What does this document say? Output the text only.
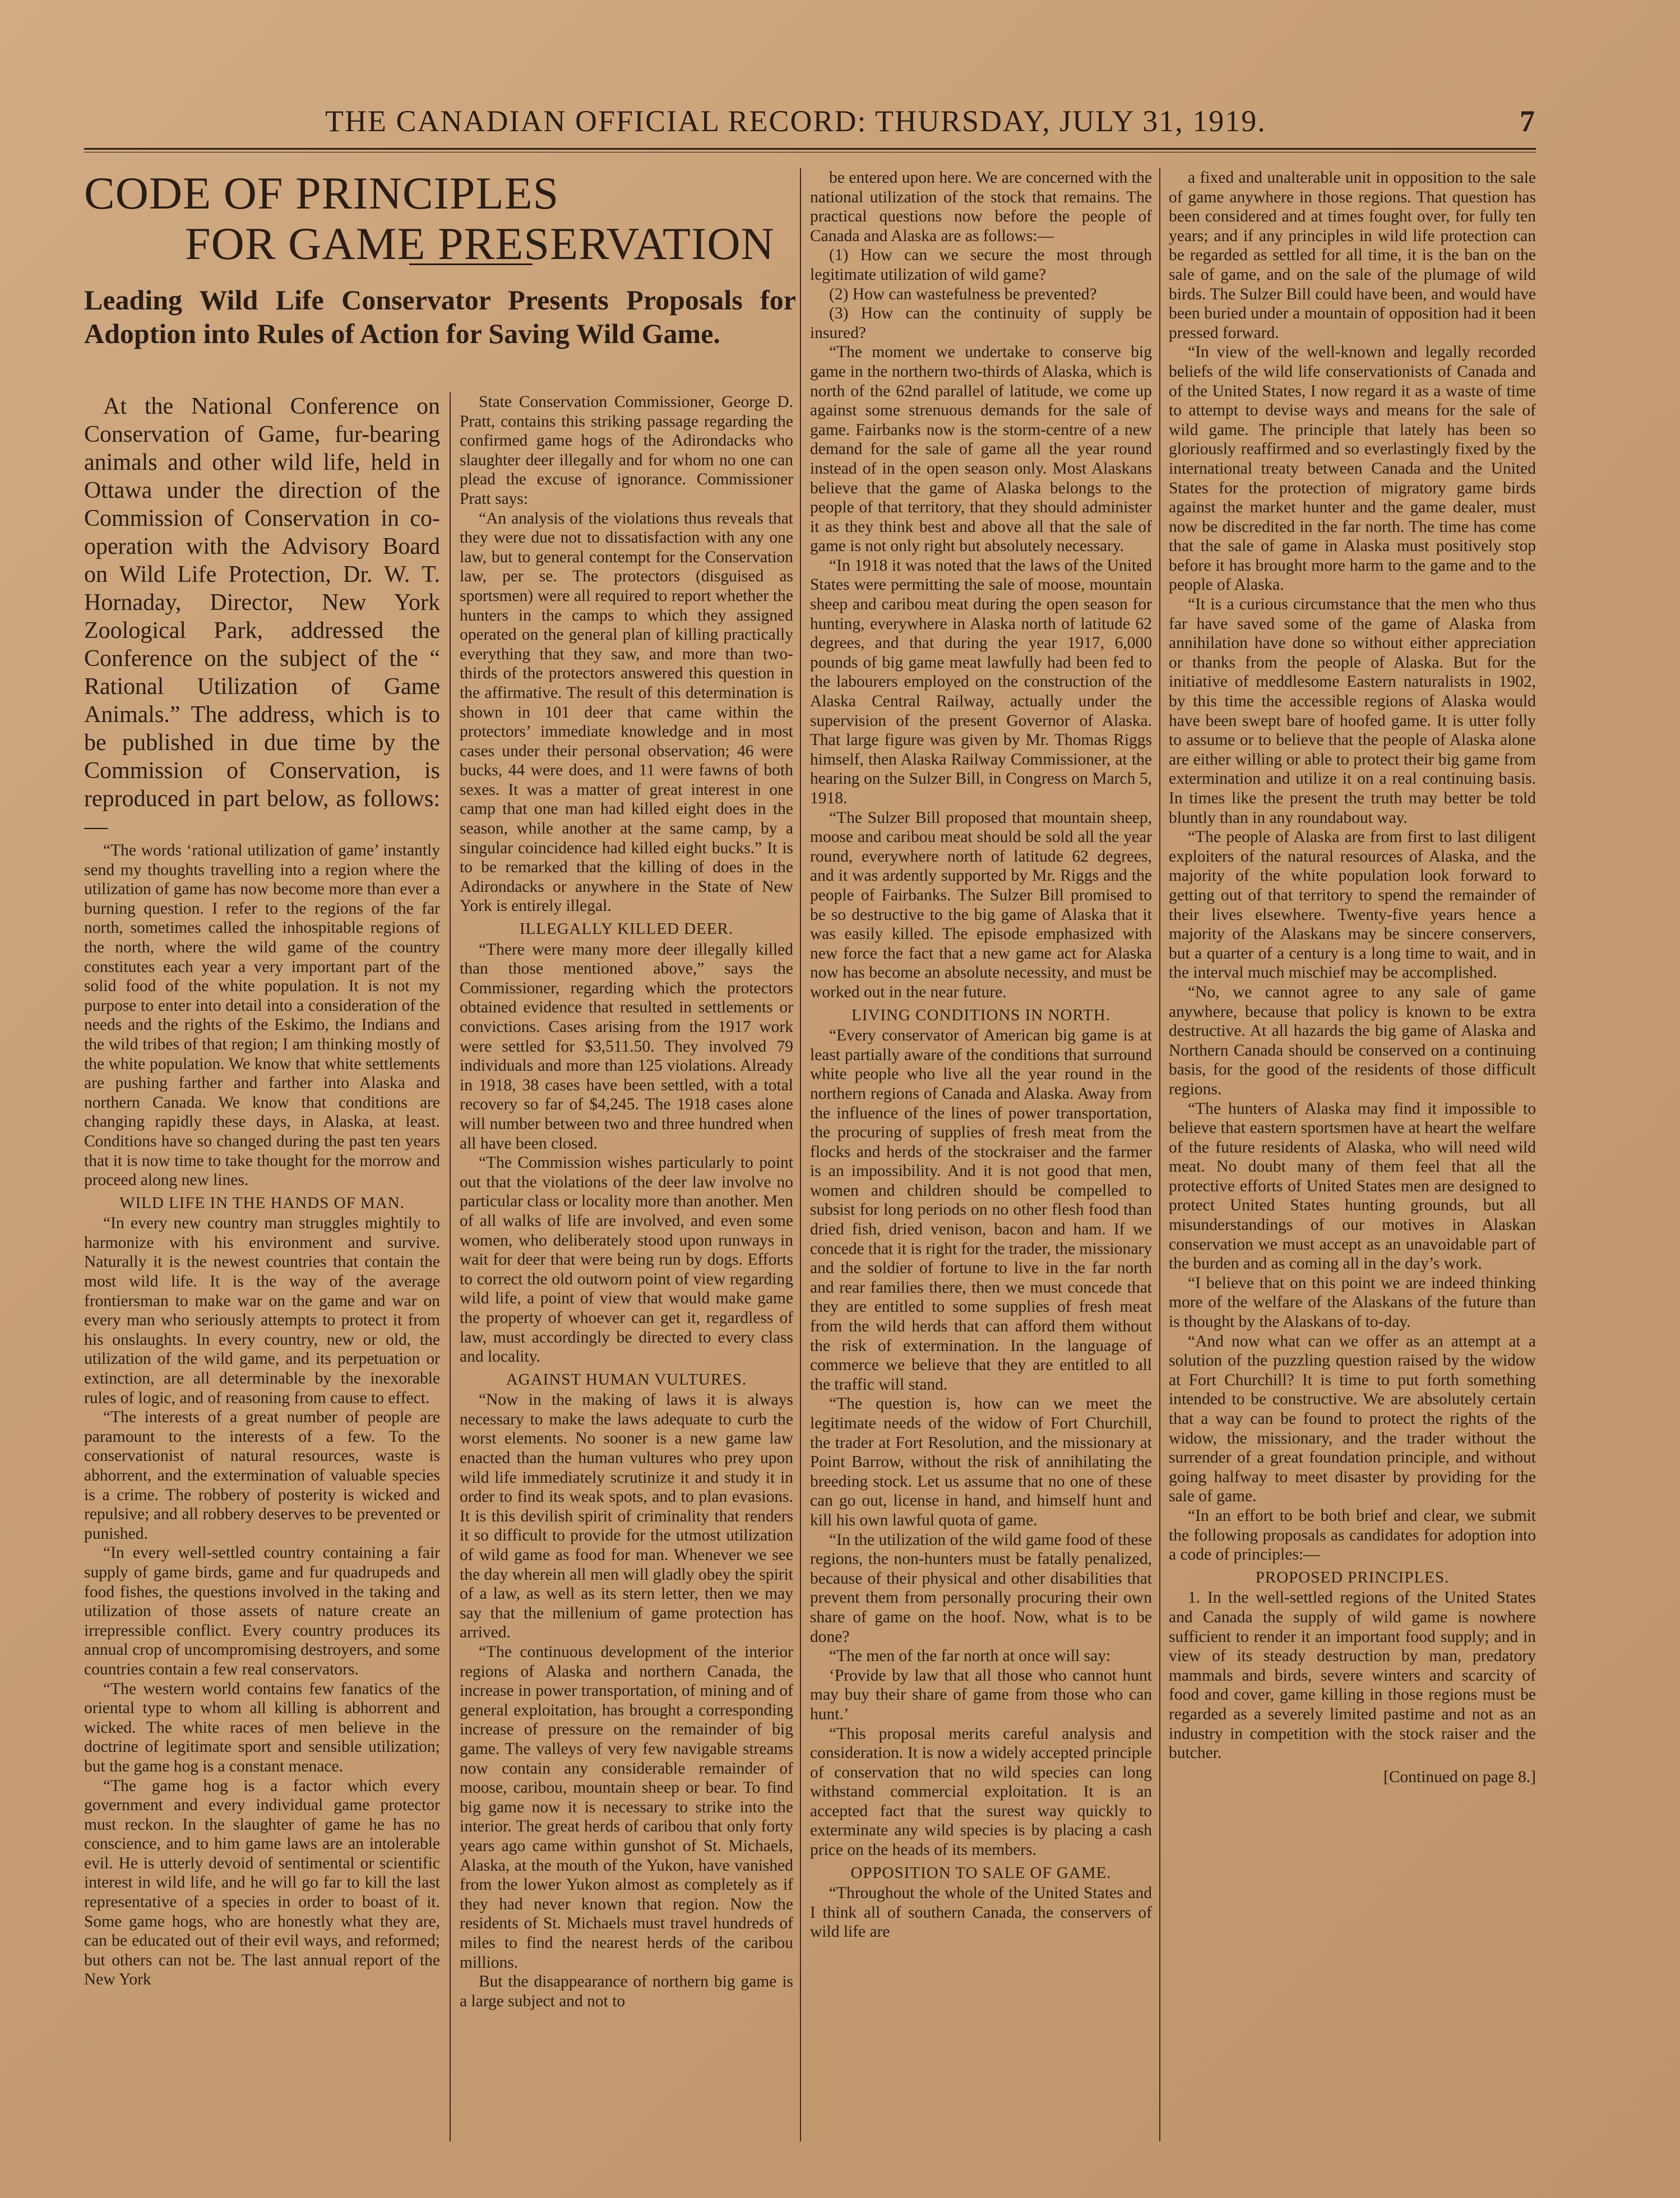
THE CANADIAN OFFICIAL RECORD: THURSDAY, JULY 31, 1919.	7
CODE OF PRINCIPLES
FOR GAME PRESERVATION
Leading Wild Life Conservator Presents Proposals for Adoption into Rules of Action for Saving Wild Game.

At the National Conference on Conservation of Game, fur-bearing animals and other wild life, held in Ottawa under the direction of the Commission of Conservation in co-operation with the Advisory Board on Wild Life Protection, Dr. W. T. Hornaday, Director, New York Zoological Park, addressed the Conference on the subject of the “ Rational Utilization of Game Animals.” The address, which is to be published in due time by the Commission of Conservation, is reproduced in part below, as follows:—

“The words ‘rational utilization of game’ instantly send my thoughts travelling into a region where the utilization of game has now become more than ever a burning question. I refer to the regions of the far north, sometimes called the inhospitable regions of the north, where the wild game of the country constitutes each year a very important part of the solid food of the white population. It is not my purpose to enter into detail into a consideration of the needs and the rights of the Eskimo, the Indians and the wild tribes of that region; I am thinking mostly of the white population. We know that white settlements are pushing farther and farther into Alaska and northern Canada. We know that conditions are changing rapidly these days, in Alaska, at least. Conditions have so changed during the past ten years that it is now time to take thought for the morrow and proceed along new lines.

WILD LIFE IN THE HANDS OF MAN.

“In every new country man struggles mightily to harmonize with his environment and survive. Naturally it is the newest countries that contain the most wild life. It is the way of the average frontiersman to make war on the game and war on every man who seriously attempts to protect it from his onslaughts. In every country, new or old, the utilization of the wild game, and its perpetuation or extinction, are all determinable by the inexorable rules of logic, and of reasoning from cause to effect.

“The interests of a great number of people are paramount to the interests of a few. To the conservationist of natural resources, waste is abhorrent, and the extermination of valuable species is a crime. The robbery of posterity is wicked and repulsive; and all robbery deserves to be prevented or punished.

“In every well-settled country containing a fair supply of game birds, game and fur quadrupeds and food fishes, the questions involved in the taking and utilization of those assets of nature create an irrepressible conflict. Every country produces its annual crop of uncompromising destroyers, and some countries contain a few real conservators.

“The western world contains few fanatics of the oriental type to whom all killing is abhorrent and wicked. The white races of men believe in the doctrine of legitimate sport and sensible utilization; but the game hog is a constant menace.

“The game hog is a factor which every government and every individual game protector must reckon. In the slaughter of game he has no conscience, and to him game laws are an intolerable evil. He is utterly devoid of sentimental or scientific interest in wild life, and he will go far to kill the last representative of a species in order to boast of it. Some game hogs, who are honestly what they are, can be educated out of their evil ways, and reformed; but others can not be. The last annual report of the New York

State Conservation Commissioner, George D. Pratt, contains this striking passage regarding the confirmed game hogs of the Adirondacks who slaughter deer illegally and for whom no one can plead the excuse of ignorance. Commissioner Pratt says:

“An analysis of the violations thus reveals that they were due not to dissatisfaction with any one law, but to general contempt for the Conservation law, per se. The protectors (disguised as sportsmen) were all required to report whether the hunters in the camps to which they assigned operated on the general plan of killing practically everything that they saw, and more than two-thirds of the protectors answered this question in the affirmative. The result of this determination is shown in 101 deer that came within the protectors’ immediate knowledge and in most cases under their personal observation; 46 were bucks, 44 were does, and 11 were fawns of both sexes. It was a matter of great interest in one camp that one man had killed eight does in the season, while another at the same camp, by a singular coincidence had killed eight bucks.” It is to be remarked that the killing of does in the Adirondacks or anywhere in the State of New York is entirely illegal.

ILLEGALLY KILLED DEER.

“There were many more deer illegally killed than those mentioned above,” says the Commissioner, regarding which the protectors obtained evidence that resulted in settlements or convictions. Cases arising from the 1917 work were settled for $3,511.50. They involved 79 individuals and more than 125 violations. Already in 1918, 38 cases have been settled, with a total recovery so far of $4,245. The 1918 cases alone will number between two and three hundred when all have been closed.

“The Commission wishes particularly to point out that the violations of the deer law involve no particular class or locality more than another. Men of all walks of life are involved, and even some women, who deliberately stood upon runways in wait for deer that were being run by dogs. Efforts to correct the old outworn point of view regarding wild life, a point of view that would make game the property of whoever can get it, regardless of law, must accordingly be directed to every class and locality.

AGAINST HUMAN VULTURES.

“Now in the making of laws it is always necessary to make the laws adequate to curb the worst elements. No sooner is a new game law enacted than the human vultures who prey upon wild life immediately scrutinize it and study it in order to find its weak spots, and to plan evasions. It is this devilish spirit of criminality that renders it so difficult to provide for the utmost utilization of wild game as food for man. Whenever we see the day wherein all men will gladly obey the spirit of a law, as well as its stern letter, then we may say that the millenium of game protection has arrived.

“The continuous development of the interior regions of Alaska and northern Canada, the increase in power transportation, of mining and of general exploitation, has brought a corresponding increase of pressure on the remainder of big game. The valleys of very few navigable streams now contain any considerable remainder of moose, caribou, mountain sheep or bear. To find big game now it is necessary to strike into the interior. The great herds of caribou that only forty years ago came within gunshot of St. Michaels, Alaska, at the mouth of the Yukon, have vanished from the lower Yukon almost as completely as if they had never known that region. Now the residents of St. Michaels must travel hundreds of miles to find the nearest herds of the caribou millions.

But the disappearance of northern big game is a large subject and not to

be entered upon here. We are concerned with the national utilization of the stock that remains. The practical questions now before the people of Canada and Alaska are as follows:—

(1) How can we secure the most through legitimate utilization of wild game?

(2) How can wastefulness be prevented?

(3) How can the continuity of supply be insured?

“The moment we undertake to conserve big game in the northern two-thirds of Alaska, which is north of the 62nd parallel of latitude, we come up against some strenuous demands for the sale of game. Fairbanks now is the storm-centre of a new demand for the sale of game all the year round instead of in the open season only. Most Alaskans believe that the game of Alaska belongs to the people of that territory, that they should administer it as they think best and above all that the sale of game is not only right but absolutely necessary.

“In 1918 it was noted that the laws of the United States were permitting the sale of moose, mountain sheep and caribou meat during the open season for hunting, everywhere in Alaska north of latitude 62 degrees, and that during the year 1917, 6,000 pounds of big game meat lawfully had been fed to the labourers employed on the construction of the Alaska Central Railway, actually under the supervision of the present Governor of Alaska. That large figure was given by Mr. Thomas Riggs himself, then Alaska Railway Commissioner, at the hearing on the Sulzer Bill, in Congress on March 5, 1918.

“The Sulzer Bill proposed that mountain sheep, moose and caribou meat should be sold all the year round, everywhere north of latitude 62 degrees, and it was ardently supported by Mr. Riggs and the people of Fairbanks. The Sulzer Bill promised to be so destructive to the big game of Alaska that it was easily killed. The episode emphasized with new force the fact that a new game act for Alaska now has become an absolute necessity, and must be worked out in the near future.

LIVING CONDITIONS IN NORTH.

“Every conservator of American big game is at least partially aware of the conditions that surround white people who live all the year round in the northern regions of Canada and Alaska. Away from the influence of the lines of power transportation, the procuring of supplies of fresh meat from the flocks and herds of the stockraiser and the farmer is an impossibility. And it is not good that men, women and children should be compelled to subsist for long periods on no other flesh food than dried fish, dried venison, bacon and ham. If we concede that it is right for the trader, the missionary and the soldier of fortune to live in the far north and rear families there, then we must concede that they are entitled to some supplies of fresh meat from the wild herds that can afford them without the risk of extermination. In the language of commerce we believe that they are entitled to all the traffic will stand.

“The question is, how can we meet the legitimate needs of the widow of Fort Churchill, the trader at Fort Resolution, and the missionary at Point Barrow, without the risk of annihilating the breeding stock. Let us assume that no one of these can go out, license in hand, and himself hunt and kill his own lawful quota of game.

“In the utilization of the wild game food of these regions, the non-hunters must be fatally penalized, because of their physical and other disabilities that prevent them from personally procuring their own share of game on the hoof. Now, what is to be done?

“The men of the far north at once will say:

‘Provide by law that all those who cannot hunt may buy their share of game from those who can hunt.’

“This proposal merits careful analysis and consideration. It is now a widely accepted principle of conservation that no wild species can long withstand commercial exploitation. It is an accepted fact that the surest way quickly to exterminate any wild species is by placing a cash price on the heads of its members.

OPPOSITION TO SALE OF GAME.

“Throughout the whole of the United States and I think all of southern Canada, the conservers of wild life are

a fixed and unalterable unit in opposition to the sale of game anywhere in those regions. That question has been considered and at times fought over, for fully ten years; and if any principles in wild life protection can be regarded as settled for all time, it is the ban on the sale of game, and on the sale of the plumage of wild birds. The Sulzer Bill could have been, and would have been buried under a mountain of opposition had it been pressed forward.

“In view of the well-known and legally recorded beliefs of the wild life conservationists of Canada and of the United States, I now regard it as a waste of time to attempt to devise ways and means for the sale of wild game. The principle that lately has been so gloriously reaffirmed and so everlastingly fixed by the international treaty between Canada and the United States for the protection of migratory game birds against the market hunter and the game dealer, must now be discredited in the far north. The time has come that the sale of game in Alaska must positively stop before it has brought more harm to the game and to the people of Alaska.

“It is a curious circumstance that the men who thus far have saved some of the game of Alaska from annihilation have done so without either appreciation or thanks from the people of Alaska. But for the initiative of meddlesome Eastern naturalists in 1902, by this time the accessible regions of Alaska would have been swept bare of hoofed game. It is utter folly to assume or to believe that the people of Alaska alone are either willing or able to protect their big game from extermination and utilize it on a real continuing basis. In times like the present the truth may better be told bluntly than in any roundabout way.

“The people of Alaska are from first to last diligent exploiters of the natural resources of Alaska, and the majority of the white population look forward to getting out of that territory to spend the remainder of their lives elsewhere. Twenty-five years hence a majority of the Alaskans may be sincere conservers, but a quarter of a century is a long time to wait, and in the interval much mischief may be accomplished.

“No, we cannot agree to any sale of game anywhere, because that policy is known to be extra destructive. At all hazards the big game of Alaska and Northern Canada should be conserved on a continuing basis, for the good of the residents of those difficult regions.

“The hunters of Alaska may find it impossible to believe that eastern sportsmen have at heart the welfare of the future residents of Alaska, who will need wild meat. No doubt many of them feel that all the protective efforts of United States men are designed to protect United States hunting grounds, but all misunderstandings of our motives in Alaskan conservation we must accept as an unavoidable part of the burden and as coming all in the day’s work.

“I believe that on this point we are indeed thinking more of the welfare of the Alaskans of the future than is thought by the Alaskans of to-day.

“And now what can we offer as an attempt at a solution of the puzzling question raised by the widow at Fort Churchill? It is time to put forth something intended to be constructive. We are absolutely certain that a way can be found to protect the rights of the widow, the missionary, and the trader without the surrender of a great foundation principle, and without going halfway to meet disaster by providing for the sale of game.

“In an effort to be both brief and clear, we submit the following proposals as candidates for adoption into a code of principles:—

PROPOSED PRINCIPLES.

1. In the well-settled regions of the United States and Canada the supply of wild game is nowhere sufficient to render it an important food supply; and in view of its steady destruction by man, predatory mammals and birds, severe winters and scarcity of food and cover, game killing in those regions must be regarded as a severely limited pastime and not as an industry in competition with the stock raiser and the butcher.

[Continued on page 8.]
